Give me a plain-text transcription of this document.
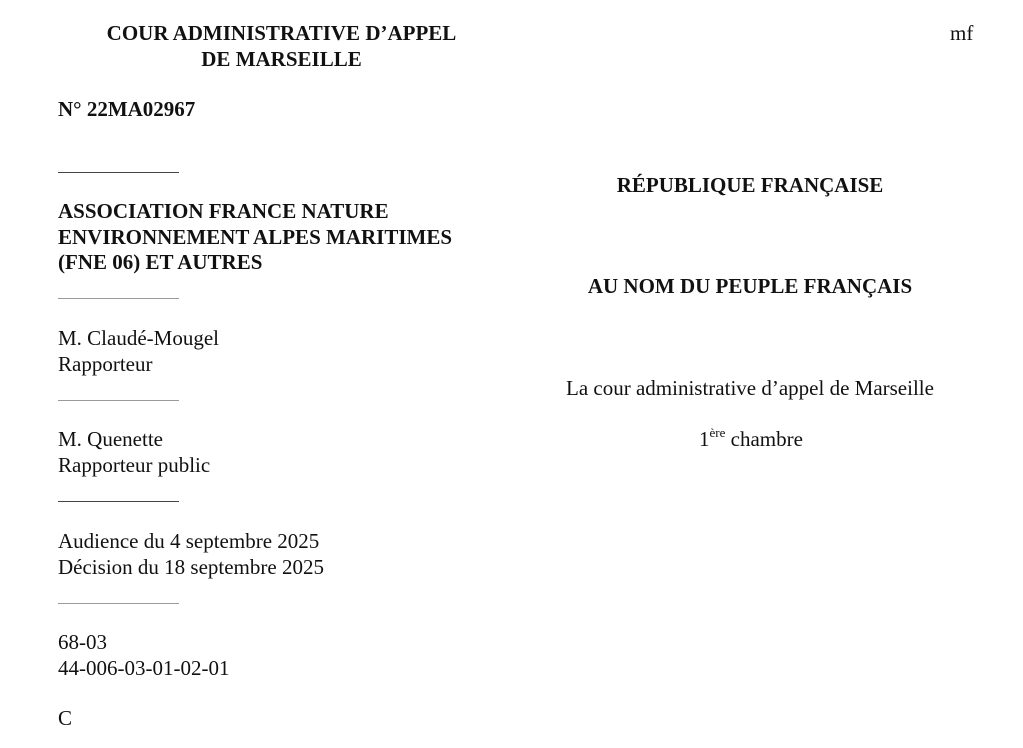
COUR ADMINISTRATIVE D’APPEL
DE MARSEILLE
mf
N° 22MA02967
ASSOCIATION FRANCE NATURE
ENVIRONNEMENT ALPES MARITIMES
(FNE 06) ET AUTRES
M. Claudé-Mougel
Rapporteur
M. Quenette
Rapporteur public
Audience du 4 septembre 2025
Décision du 18 septembre 2025
68-03
44-006-03-01-02-01
C
RÉPUBLIQUE FRANÇAISE
AU NOM DU PEUPLE FRANÇAIS
La cour administrative d’appel de Marseille
1ère chambre
